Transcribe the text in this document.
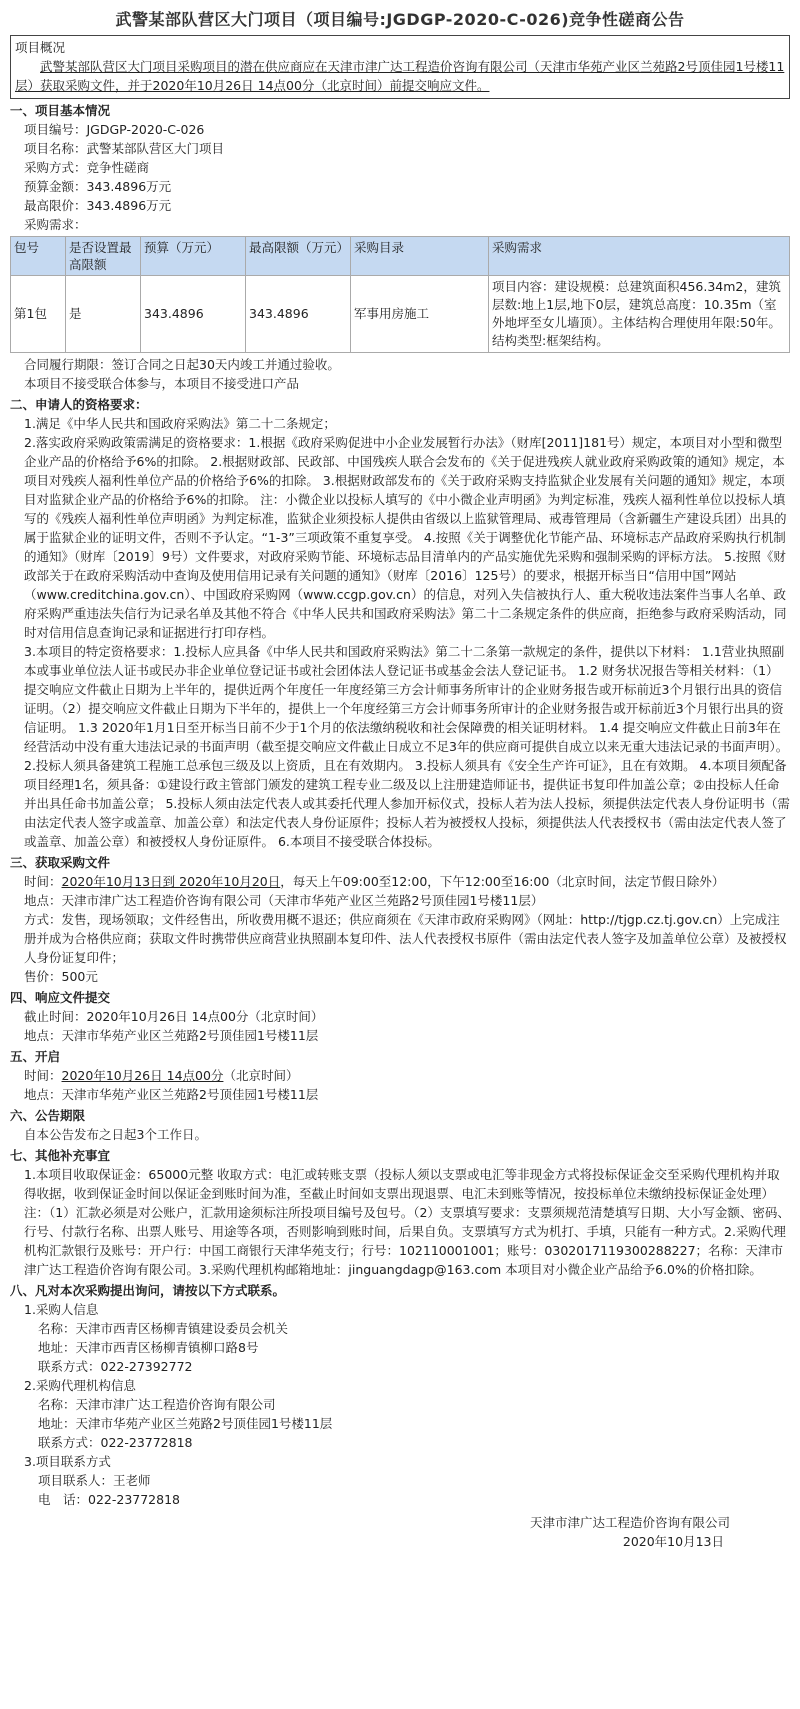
武警某部队营区大门项目（项目编号:JGDGP-2020-C-026)竞争性磋商公告
项目概况
武警某部队营区大门项目采购项目的潜在供应商应在天津市津广达工程造价咨询有限公司（天津市华苑产业区兰苑路2号顶佳园1号楼11层）获取采购文件，并于2020年10月26日 14点00分（北京时间）前提交响应文件。
一、项目基本情况
项目编号：JGDGP-2020-C-026
项目名称：武警某部队营区大门项目
采购方式：竞争性磋商
预算金额：343.4896万元
最高限价：343.4896万元
采购需求：
包号	是否设置最高限额	预算（万元）	最高限额（万元）	采购目录	采购需求
第1包	是	343.4896	343.4896	军事用房施工	项目内容：建设规模：总建筑面积456.34m2，建筑层数:地上1层,地下0层，建筑总高度：10.35m（室外地坪至女儿墙顶）。主体结构合理使用年限:50年。结构类型:框架结构。
合同履行期限：签订合同之日起30天内竣工并通过验收。
本项目不接受联合体参与，本项目不接受进口产品
二、申请人的资格要求：
1.满足《中华人民共和国政府采购法》第二十二条规定；
2.落实政府采购政策需满足的资格要求：1.根据《政府采购促进中小企业发展暂行办法》（财库[2011]181号）规定，本项目对小型和微型企业产品的价格给予6%的扣除。 2.根据财政部、民政部、中国残疾人联合会发布的《关于促进残疾人就业政府采购政策的通知》规定，本项目对残疾人福利性单位产品的价格给予6%的扣除。 3.根据财政部发布的《关于政府采购支持监狱企业发展有关问题的通知》规定，本项目对监狱企业产品的价格给予6%的扣除。 注：小微企业以投标人填写的《中小微企业声明函》为判定标准，残疾人福利性单位以投标人填写的《残疾人福利性单位声明函》为判定标准，监狱企业须投标人提供由省级以上监狱管理局、戒毒管理局（含新疆生产建设兵团）出具的属于监狱企业的证明文件，否则不予认定。“1-3”三项政策不重复享受。 4.按照《关于调整优化节能产品、环境标志产品政府采购执行机制的通知》（财库〔2019〕9号）文件要求，对政府采购节能、环境标志品目清单内的产品实施优先采购和强制采购的评标方法。 5.按照《财政部关于在政府采购活动中查询及使用信用记录有关问题的通知》（财库〔2016〕125号）的要求，根据开标当日“信用中国”网站（www.creditchina.gov.cn）、中国政府采购网（www.ccgp.gov.cn）的信息，对列入失信被执行人、重大税收违法案件当事人名单、政府采购严重违法失信行为记录名单及其他不符合《中华人民共和国政府采购法》第二十二条规定条件的供应商，拒绝参与政府采购活动，同时对信用信息查询记录和证据进行打印存档。
3.本项目的特定资格要求：1.投标人应具备《中华人民共和国政府采购法》第二十二条第一款规定的条件，提供以下材料： 1.1营业执照副本或事业单位法人证书或民办非企业单位登记证书或社会团体法人登记证书或基金会法人登记证书。 1.2 财务状况报告等相关材料：（1）提交响应文件截止日期为上半年的，提供近两个年度任一年度经第三方会计师事务所审计的企业财务报告或开标前近3个月银行出具的资信证明。（2）提交响应文件截止日期为下半年的，提供上一个年度经第三方会计师事务所审计的企业财务报告或开标前近3个月银行出具的资信证明。 1.3 2020年1月1日至开标当日前不少于1个月的依法缴纳税收和社会保障费的相关证明材料。 1.4 提交响应文件截止日前3年在经营活动中没有重大违法记录的书面声明（截至提交响应文件截止日成立不足3年的供应商可提供自成立以来无重大违法记录的书面声明）。 2.投标人须具备建筑工程施工总承包三级及以上资质，且在有效期内。 3.投标人须具有《安全生产许可证》，且在有效期。 4.本项目须配备项目经理1名，须具备：①建设行政主管部门颁发的建筑工程专业二级及以上注册建造师证书，提供证书复印件加盖公章；②由投标人任命并出具任命书加盖公章； 5.投标人须由法定代表人或其委托代理人参加开标仪式，投标人若为法人投标，须提供法定代表人身份证明书（需由法定代表人签字或盖章、加盖公章）和法定代表人身份证原件；投标人若为被授权人投标，须提供法人代表授权书（需由法定代表人签了或盖章、加盖公章）和被授权人身份证原件。 6.本项目不接受联合体投标。
三、获取采购文件
时间：2020年10月13日到 2020年10月20日，每天上午09:00至12:00，下午12:00至16:00（北京时间，法定节假日除外）
地点：天津市津广达工程造价咨询有限公司（天津市华苑产业区兰苑路2号顶佳园1号楼11层）
方式：发售，现场领取；文件经售出，所收费用概不退还；供应商须在《天津市政府采购网》（网址：http://tjgp.cz.tj.gov.cn）上完成注册并成为合格供应商；获取文件时携带供应商营业执照副本复印件、法人代表授权书原件（需由法定代表人签字及加盖单位公章）及被授权人身份证复印件；
售价：500元
四、响应文件提交
截止时间：2020年10月26日 14点00分（北京时间）
地点：天津市华苑产业区兰苑路2号顶佳园1号楼11层
五、开启
时间：2020年10月26日 14点00分（北京时间）
地点：天津市华苑产业区兰苑路2号顶佳园1号楼11层
六、公告期限
自本公告发布之日起3个工作日。
七、其他补充事宜
1.本项目收取保证金：65000元整 收取方式：电汇或转账支票（投标人须以支票或电汇等非现金方式将投标保证金交至采购代理机构并取得收据，收到保证金时间以保证金到账时间为准，至截止时间如支票出现退票、电汇未到账等情况，按投标单位未缴纳投标保证金处理）注：（1）汇款必须是对公账户，汇款用途须标注所投项目编号及包号。（2）支票填写要求：支票须规范清楚填写日期、大小写金额、密码、行号、付款行名称、出票人账号、用途等各项，否则影响到账时间，后果自负。支票填写方式为机打、手填，只能有一种方式。2.采购代理机构汇款银行及账号：开户行：中国工商银行天津华苑支行；行号：102110001001；账号：0302017119300288227；名称：天津市津广达工程造价咨询有限公司。3.采购代理机构邮箱地址：jinguangdagp@163.com 本项目对小微企业产品给予6.0%的价格扣除。
八、凡对本次采购提出询问，请按以下方式联系。
1.采购人信息
名称：天津市西青区杨柳青镇建设委员会机关
地址：天津市西青区杨柳青镇柳口路8号
联系方式：022-27392772
2.采购代理机构信息
名称：天津市津广达工程造价咨询有限公司
地址：天津市华苑产业区兰苑路2号顶佳园1号楼11层
联系方式：022-23772818
3.项目联系方式
项目联系人：王老师
电　话：022-23772818
天津市津广达工程造价咨询有限公司
2020年10月13日
